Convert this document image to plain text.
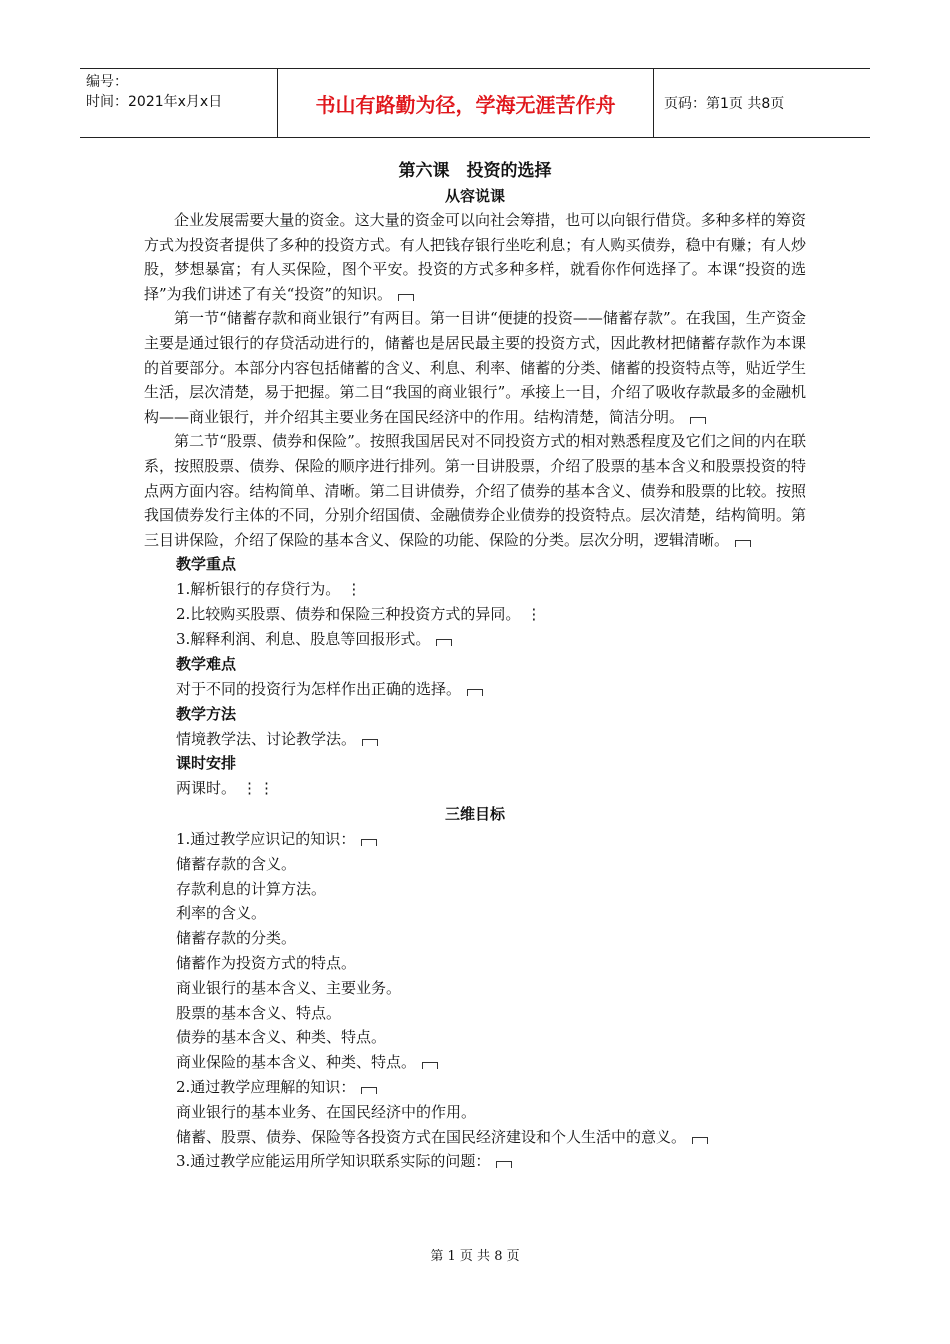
编号：
时间：2021年x月x日	书山有路勤为径，学海无涯苦作舟	页码：第1页 共8页
第六课　投资的选择
从容说课

企业发展需要大量的资金。这大量的资金可以向社会筹措，也可以向银行借贷。多种多样的筹资方式为投资者提供了多种的投资方式。有人把钱存银行坐吃利息；有人购买债券，稳中有赚；有人炒股，梦想暴富；有人买保险，图个平安。投资的方式多种多样，就看你作何选择了。本课“投资的选择”为我们讲述了有关“投资”的知识。

第一节“储蓄存款和商业银行”有两目。第一目讲“便捷的投资——储蓄存款”。在我国，生产资金主要是通过银行的存贷活动进行的，储蓄也是居民最主要的投资方式，因此教材把储蓄存款作为本课的首要部分。本部分内容包括储蓄的含义、利息、利率、储蓄的分类、储蓄的投资特点等，贴近学生生活，层次清楚，易于把握。第二目“我国的商业银行”。承接上一目，介绍了吸收存款最多的金融机构——商业银行，并介绍其主要业务在国民经济中的作用。结构清楚，简洁分明。

第二节“股票、债券和保险”。按照我国居民对不同投资方式的相对熟悉程度及它们之间的内在联系，按照股票、债券、保险的顺序进行排列。第一目讲股票，介绍了股票的基本含义和股票投资的特点两方面内容。结构简单、清晰。第二目讲债券，介绍了债券的基本含义、债券和股票的比较。按照我国债券发行主体的不同，分别介绍国债、金融债券企业债券的投资特点。层次清楚，结构简明。第三目讲保险，介绍了保险的基本含义、保险的功能、保险的分类。层次分明，逻辑清晰。

教学重点
1.解析银行的存贷行为。 ⋮
2.比较购买股票、债券和保险三种投资方式的异同。 ⋮
3.解释利润、利息、股息等回报形式。
教学难点
对于不同的投资行为怎样作出正确的选择。
教学方法
情境教学法、讨论教学法。
课时安排
两课时。 ⋮⋮
三维目标
1.通过教学应识记的知识：
储蓄存款的含义。
存款利息的计算方法。
利率的含义。
储蓄存款的分类。
储蓄作为投资方式的特点。
商业银行的基本含义、主要业务。
股票的基本含义、特点。
债券的基本含义、种类、特点。
商业保险的基本含义、种类、特点。
2.通过教学应理解的知识：
商业银行的基本业务、在国民经济中的作用。
储蓄、股票、债券、保险等各投资方式在国民经济建设和个人生活中的意义。
3.通过教学应能运用所学知识联系实际的问题：
第 1 页 共 8 页
